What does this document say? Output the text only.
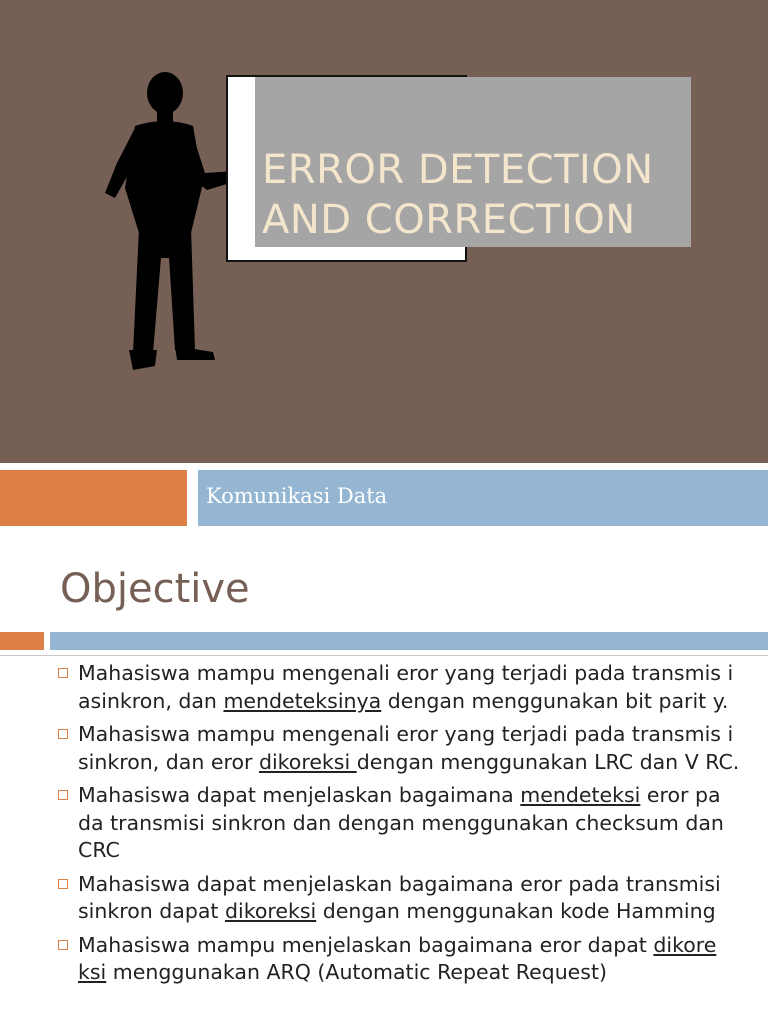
ERROR DETECTION
AND CORRECTION
Komunikasi Data
Objective
Mahasiswa mampu mengenali eror yang terjadi pada transmis i asinkron, dan mendeteksinya dengan menggunakan bit parit y.
Mahasiswa mampu mengenali eror yang terjadi pada transmis i sinkron, dan eror dikoreksi dengan menggunakan LRC dan V RC.
Mahasiswa dapat menjelaskan bagaimana mendeteksi eror pa da transmisi sinkron dan dengan menggunakan checksum dan CRC
Mahasiswa dapat menjelaskan bagaimana eror pada transmisi sinkron dapat dikoreksi dengan menggunakan kode Hamming
Mahasiswa mampu menjelaskan bagaimana eror dapat dikore ksi menggunakan ARQ (Automatic Repeat Request)
